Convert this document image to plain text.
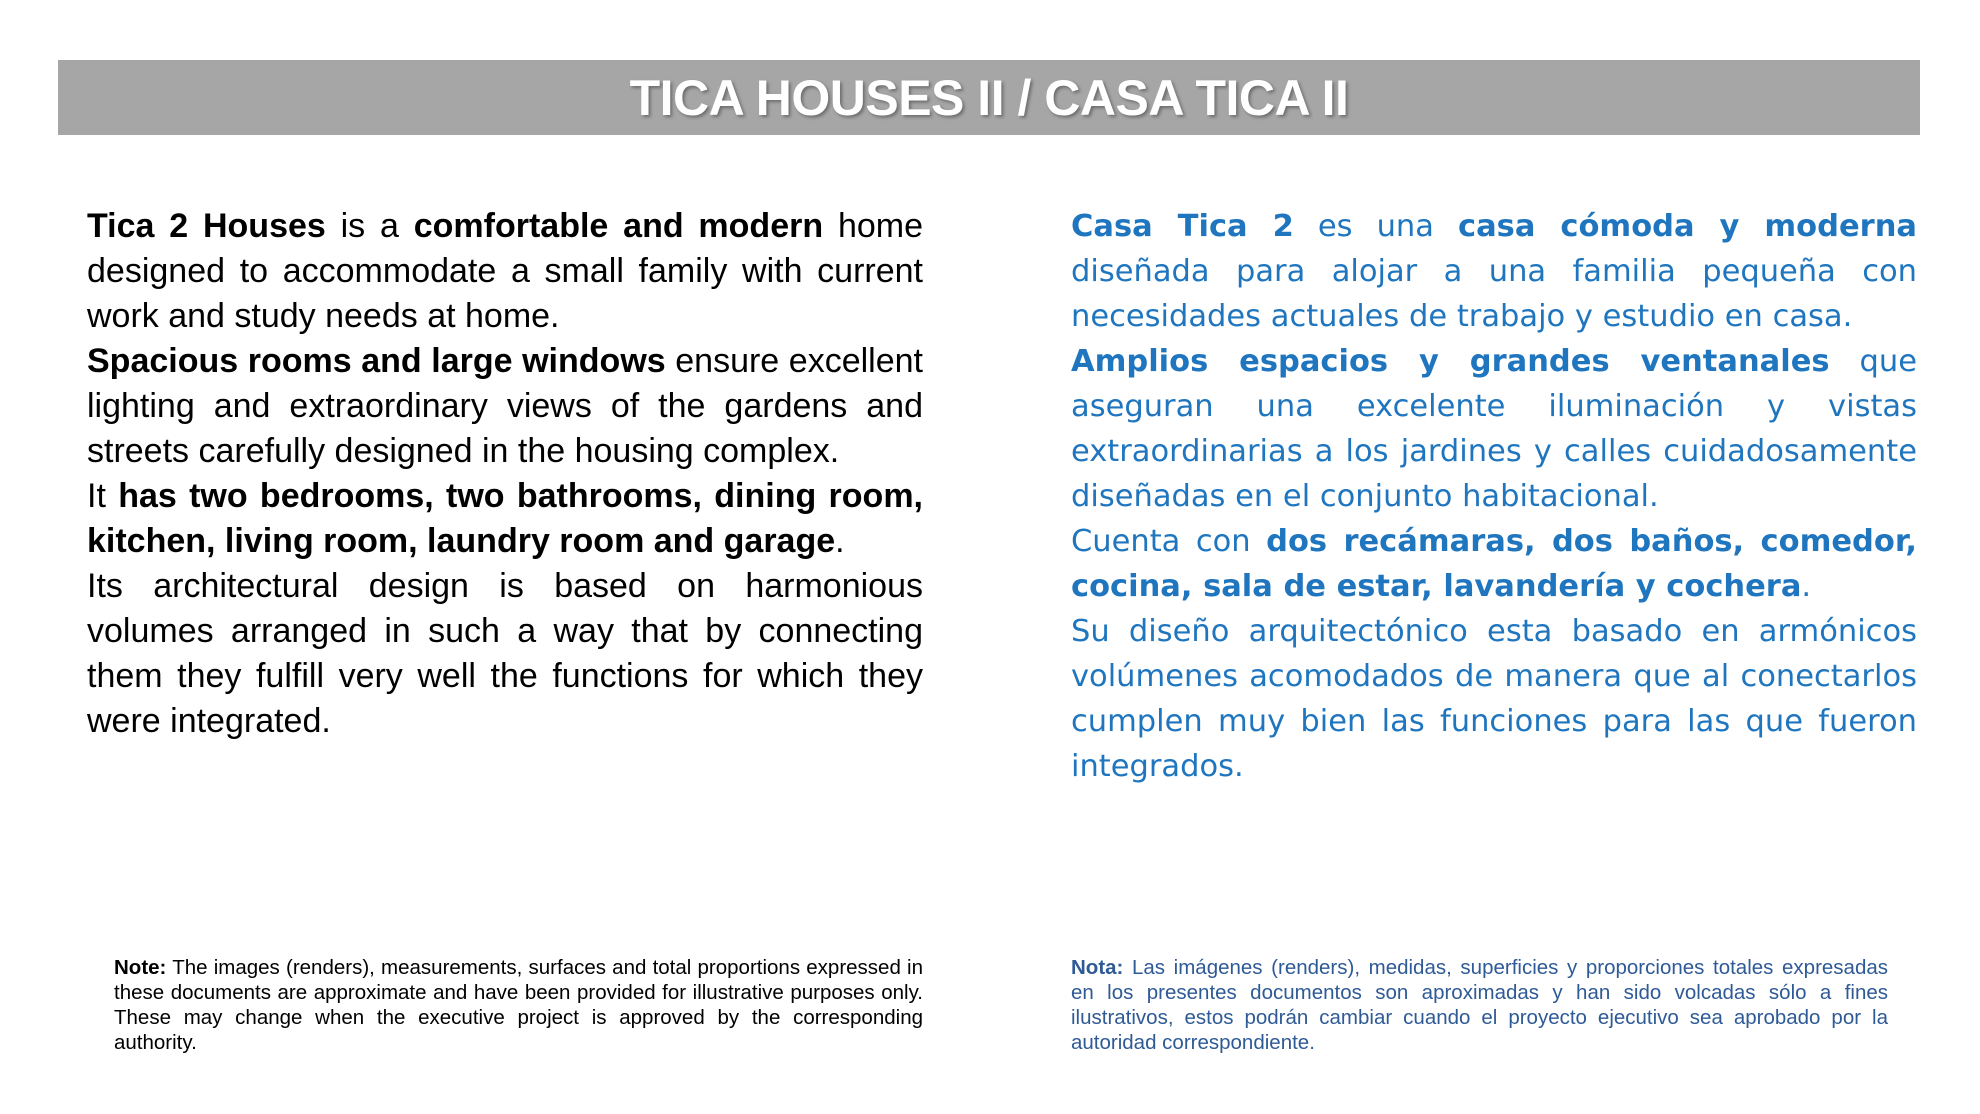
TICA HOUSES II / CASA TICA II

Tica 2 Houses is a comfortable and modern home designed to accommodate a small family with current work and study needs at home.

Spacious rooms and large windows ensure excellent lighting and extraordinary views of the gardens and streets carefully designed in the housing complex.

It has two bedrooms, two bathrooms, dining room, kitchen, living room, laundry room and garage.

Its architectural design is based on harmonious volumes arranged in such a way that by connecting them they fulfill very well the functions for which they were integrated.

Casa Tica 2 es una casa cómoda y moderna diseñada para alojar a una familia pequeña con necesidades actuales de trabajo y estudio en casa.

Amplios espacios y grandes ventanales que aseguran una excelente iluminación y vistas extraordinarias a los jardines y calles cuidadosamente diseñadas en el conjunto habitacional.

Cuenta con dos recámaras, dos baños, comedor, cocina, sala de estar, lavandería y cochera.

Su diseño arquitectónico esta basado en armónicos volúmenes acomodados de manera que al conectarlos cumplen muy bien las funciones para las que fueron integrados.

Note: The images (renders), measurements, surfaces and total proportions expressed in these documents are approximate and have been provided for illustrative purposes only. These may change when the executive project is approved by the corresponding authority.
Nota: Las imágenes (renders), medidas, superficies y proporciones totales expresadas en los presentes documentos son aproximadas y han sido volcadas sólo a fines ilustrativos, estos podrán cambiar cuando el proyecto ejecutivo sea aprobado por la autoridad correspondiente.
